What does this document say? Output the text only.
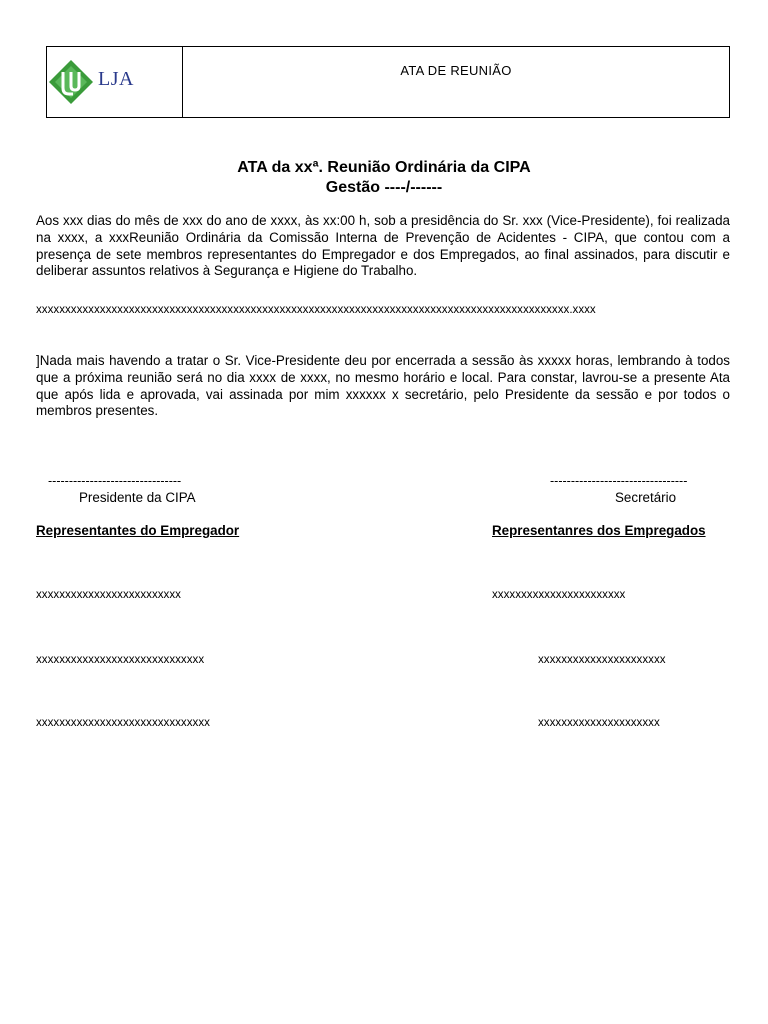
LJA	ATA DE REUNIÃO
ATA da xxª. Reunião Ordinária da CIPA
Gestão ----/------

Aos xxx dias do mês de xxx do ano de xxxx, às xx:00 h, sob a presidência do Sr. xxx (Vice-Presidente), foi realizada na xxxx, a xxxReunião Ordinária da Comissão Interna de Prevenção de Acidentes - CIPA, que contou com a presença de sete membros representantes do Empregador e dos Empregados, ao final assinados, para discutir e deliberar assuntos relativos à Segurança e Higiene do Trabalho.

xxxxxxxxxxxxxxxxxxxxxxxxxxxxxxxxxxxxxxxxxxxxxxxxxxxxxxxxxxxxxxxxxxxxxxxxxxxxxxxxxxxxxxxxxxxx.xxxx

]Nada mais havendo a tratar o Sr. Vice-Presidente deu por encerrada a sessão às xxxxx horas, lembrando à todos que a próxima reunião será no dia xxxx de xxxx, no mesmo horário e local. Para constar, lavrou-se a presente Ata que após lida e aprovada, vai assinada por mim xxxxxx x secretário, pelo Presidente da sessão e por todos o membros presentes.

--------------------------------
Presidente da CIPA
---------------------------------
Secretário
Representantes do Empregador	Representanres dos Empregados
xxxxxxxxxxxxxxxxxxxxxxxxx
xxxxxxxxxxxxxxxxxxxxxxxxxxxxx
xxxxxxxxxxxxxxxxxxxxxxxxxxxxxx
xxxxxxxxxxxxxxxxxxxxxxx
xxxxxxxxxxxxxxxxxxxxxx
xxxxxxxxxxxxxxxxxxxxx
